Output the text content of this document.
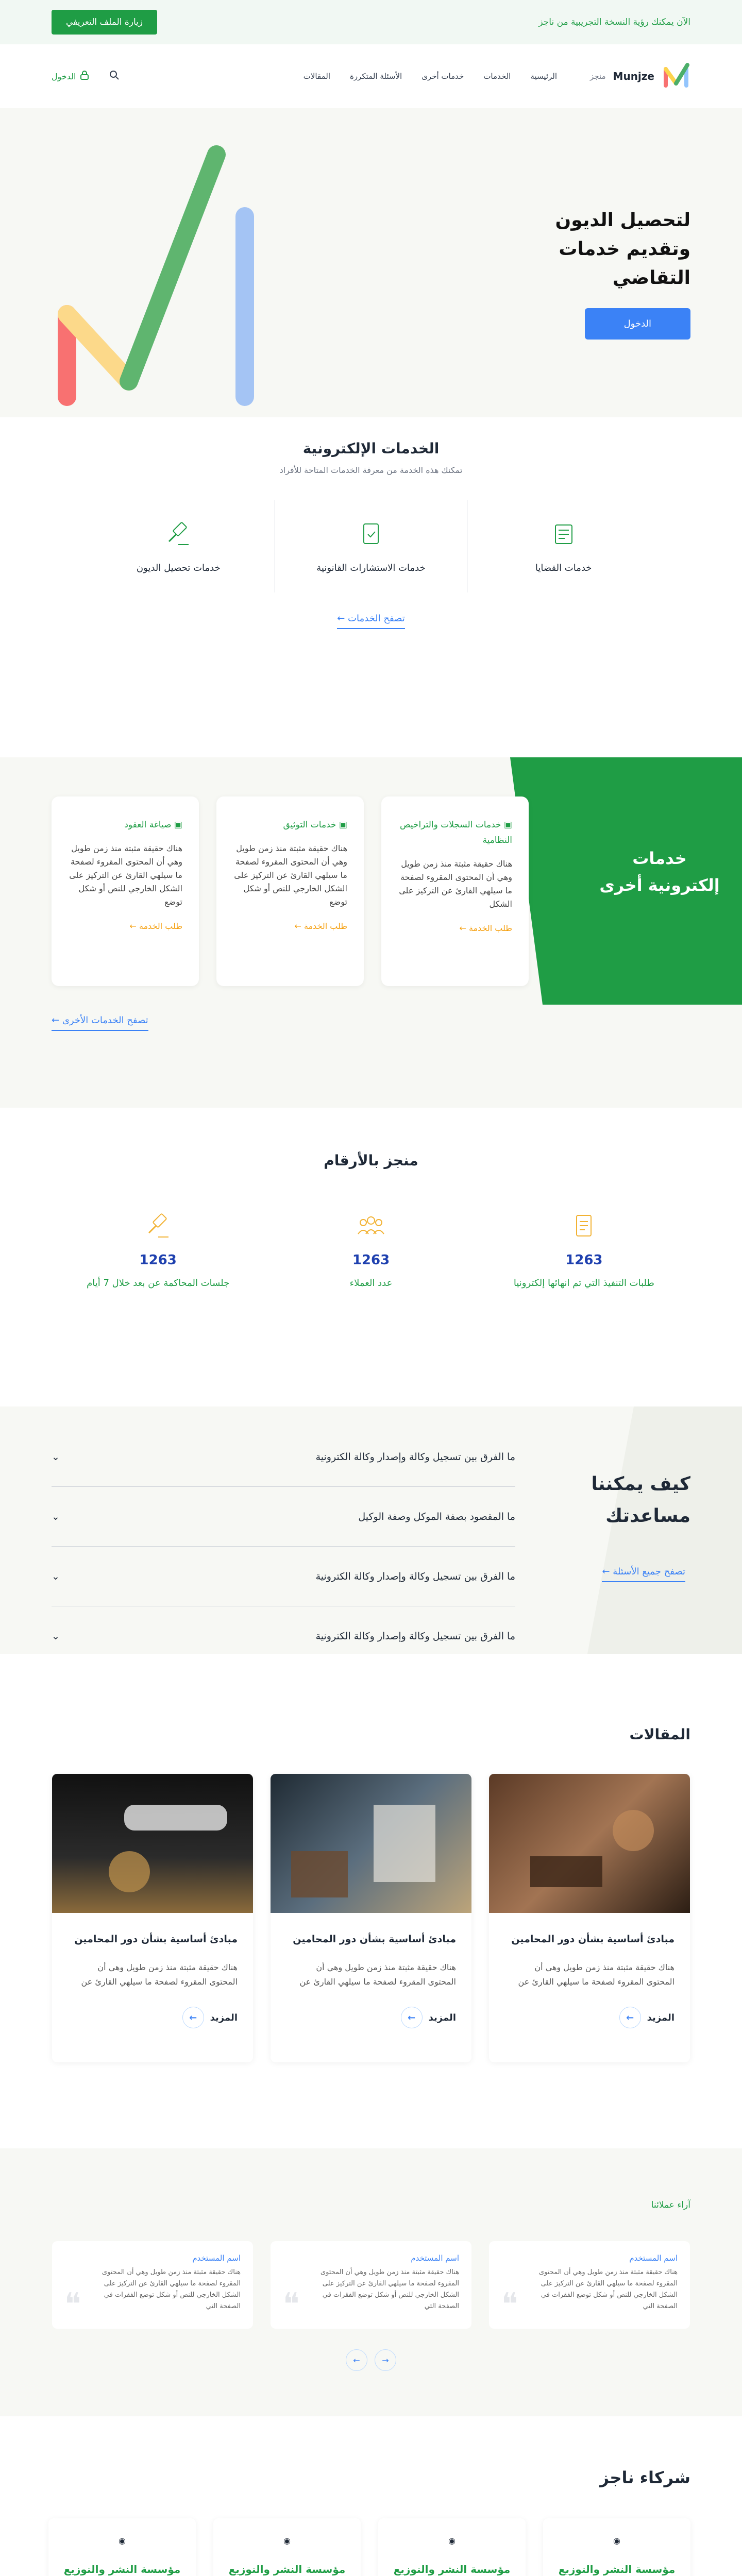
الآن يمكنك رؤية النسخة التجريبية من ناجز
زيارة الملف التعريفي
Munjze
منجز
الرئيسية
الخدمات
خدمات أخرى
الأسئلة المتكررة
المقالات
الدخول
لتحصيل الديون وتقديم خدمات التقاضي
الدخول
الخدمات الإلكترونية

تمكنك هذه الخدمة من معرفة الخدمات المتاحة للأفراد

خدمات القضايا
خدمات الاستشارات القانونية
خدمات تحصيل الديون
تصفح الخدمات ←
خدمات إلكترونية أخرى
▣ صياغة العقود

هناك حقيقة مثبتة منذ زمن طويل وهي أن المحتوى المقروء لصفحة ما سيلهي القارئ عن التركيز على الشكل الخارجي للنص أو شكل توضع

طلب الخدمة ←
▣ خدمات التوثيق

هناك حقيقة مثبتة منذ زمن طويل وهي أن المحتوى المقروء لصفحة ما سيلهي القارئ عن التركيز على الشكل الخارجي للنص أو شكل توضع

طلب الخدمة ←
▣ خدمات السجلات والتراخيص النظامية

هناك حقيقة مثبتة منذ زمن طويل وهي أن المحتوى المقروء لصفحة ما سيلهي القارئ عن التركيز على الشكل

طلب الخدمة ←
تصفح الخدمات الأخرى ←
منجز بالأرقام
1263
طلبات التنفيذ التي تم انهائها إلكترونيا
1263
عدد العملاء
1263
جلسات المحاكمة عن بعد خلال 7 أيام
كيف يمكننا مساعدتك
تصفح جميع الأسئلة ←
ما الفرق بين تسجيل وكالة وإصدار وكالة الكترونية
⌄
ما المقصود بصفة الموكل وصفة الوكيل
⌄
ما الفرق بين تسجيل وكالة وإصدار وكالة الكترونية
⌄
ما الفرق بين تسجيل وكالة وإصدار وكالة الكترونية
⌄
المقالات
مبادئ أساسية بشأن دور المحامين

هناك حقيقة مثبتة منذ زمن طويل وهي أن المحتوى المقروء لصفحة ما سيلهي القارئ عن

المزيد
←
مبادئ أساسية بشأن دور المحامين

هناك حقيقة مثبتة منذ زمن طويل وهي أن المحتوى المقروء لصفحة ما سيلهي القارئ عن

المزيد
←
مبادئ أساسية بشأن دور المحامين

هناك حقيقة مثبتة منذ زمن طويل وهي أن المحتوى المقروء لصفحة ما سيلهي القارئ عن

المزيد
←
آراء عملائنا
اسم المستخدم

هناك حقيقة مثبتة منذ زمن طويل وهي أن المحتوى المقروء لصفحة ما سيلهي القارئ عن التركيز على الشكل الخارجي للنص أو شكل توضع الفقرات في الصفحة التي

❝
اسم المستخدم

هناك حقيقة مثبتة منذ زمن طويل وهي أن المحتوى المقروء لصفحة ما سيلهي القارئ عن التركيز على الشكل الخارجي للنص أو شكل توضع الفقرات في الصفحة التي

❝
اسم المستخدم

هناك حقيقة مثبتة منذ زمن طويل وهي أن المحتوى المقروء لصفحة ما سيلهي القارئ عن التركيز على الشكل الخارجي للنص أو شكل توضع الفقرات في الصفحة التي

❝
→
←
شركاء ناجز
◉
مؤسسة النشر والتوزيع

◉
مؤسسة النشر والتوزيع

◉
مؤسسة النشر والتوزيع

◉
مؤسسة النشر والتوزيع
